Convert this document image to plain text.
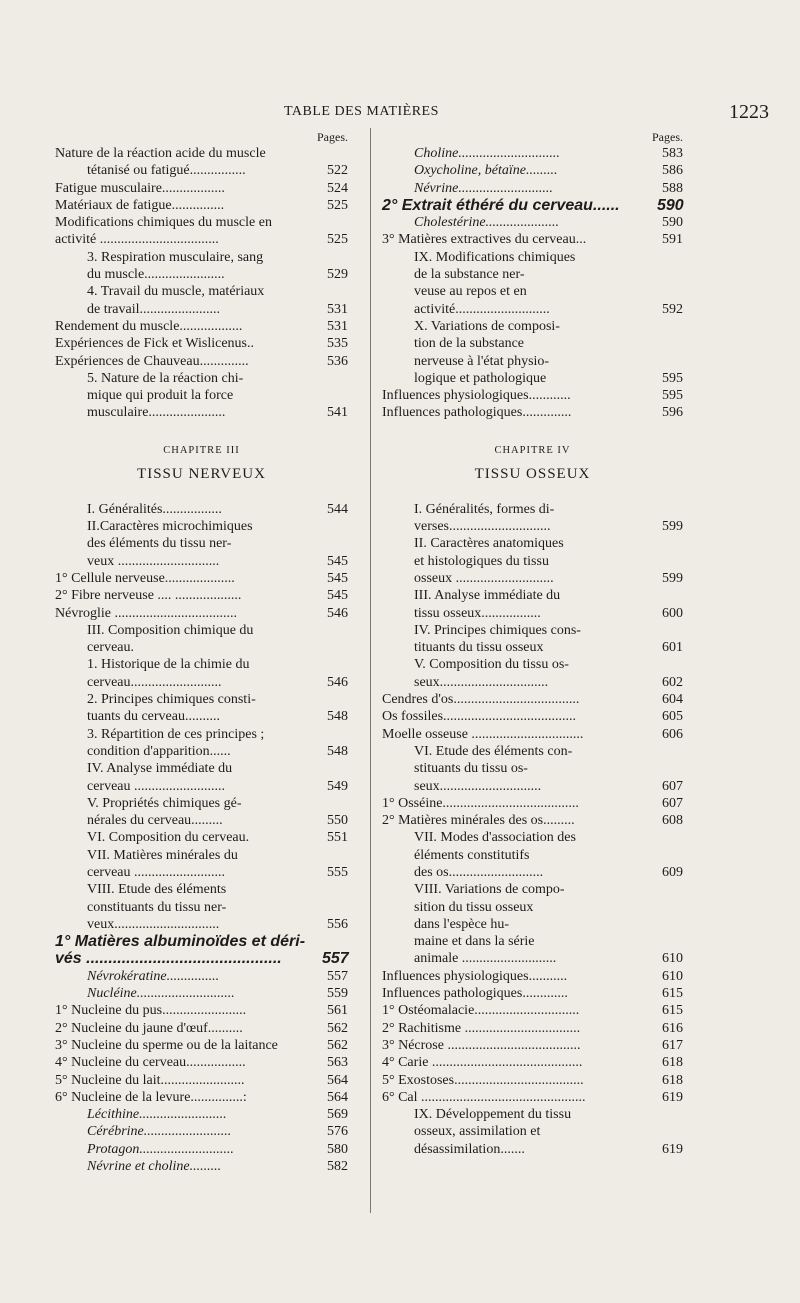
TABLE DES MATIÈRES	1223
Pages.
Nature de la réaction acide du muscle
tétanisé ou fatigué................	522
Fatigue musculaire..................	524
Matériaux de fatigue...............	525
Modifications chimiques du muscle en
activité ..................................	525
3. Respiration musculaire, sang
du muscle.......................	529
4. Travail du muscle, matériaux
de travail.......................	531
Rendement du muscle..................	531
Expériences de Fick et Wislicenus..	535
Expériences de Chauveau..............	536
5. Nature de la réaction chi-
mique qui produit la force
musculaire......................	541
CHAPITRE III
TISSU NERVEUX
I. Généralités.................	544
II.Caractères microchimiques
des éléments du tissu ner-
veux .............................	545
1° Cellule nerveuse....................	545
2° Fibre nerveuse .... ...................	545
Névroglie ...................................	546
III. Composition chimique du
cerveau.
1. Historique de la chimie du
cerveau..........................	546
2. Principes chimiques consti-
tuants du cerveau..........	548
3. Répartition de ces principes ;
condition d'apparition......	548
IV. Analyse immédiate du
cerveau ..........................	549
V. Propriétés chimiques gé-
nérales du cerveau.........	550
VI. Composition du cerveau.	551
VII. Matières minérales du
cerveau ..........................	555
VIII. Etude des éléments
constituants du tissu ner-
veux..............................	556
1° Matières albuminoïdes et déri-
vés ............................................	557
Névrokératine...............	557
Nucléine............................	559
1° Nucleine du pus........................	561
2° Nucleine du jaune d'œuf..........	562
3° Nucleine du sperme ou de la laitance	562
4° Nucleine du cerveau.................	563
5° Nucleine du lait........................	564
6° Nucleine de la levure...............:	564
Lécithine.........................	569
Cérébrine.........................	576
Protagon...........................	580
Névrine et choline.........	582
Pages.
Choline.............................	583
Oxycholine, bétaïne.........	586
Névrine...........................	588
2° Extrait éthéré du cerveau......	590
Cholestérine.....................	590
3° Matières extractives du cerveau...	591
IX. Modifications chimiques
de la substance ner-
veuse au repos et en
activité...........................	592
X. Variations de composi-
tion de la substance
nerveuse à l'état physio-
logique et pathologique	595
Influences physiologiques............	595
Influences pathologiques..............	596
CHAPITRE IV
TISSU OSSEUX
I. Généralités, formes di-
verses.............................	599
II. Caractères anatomiques
et histologiques du tissu
osseux ............................	599
III. Analyse immédiate du
tissu osseux.................	600
IV. Principes chimiques cons-
tituants du tissu osseux	601
V. Composition du tissu os-
seux...............................	602
Cendres d'os....................................	604
Os fossiles......................................	605
Moelle osseuse ................................	606
VI. Etude des éléments con-
stituants du tissu os-
seux.............................	607
1° Osséine.......................................	607
2° Matières minérales des os.........	608
VII. Modes d'association des
éléments constitutifs
des os...........................	609
VIII. Variations de compo-
sition du tissu osseux
dans l'espèce hu-
maine et dans la série
animale ...........................	610
Influences physiologiques...........	610
Influences pathologiques.............	615
1° Ostéomalacie..............................	615
2° Rachitisme .................................	616
3° Nécrose ......................................	617
4° Carie ...........................................	618
5° Exostoses.....................................	618
6° Cal ...............................................	619
IX. Développement du tissu
osseux, assimilation et
désassimilation.......	619
